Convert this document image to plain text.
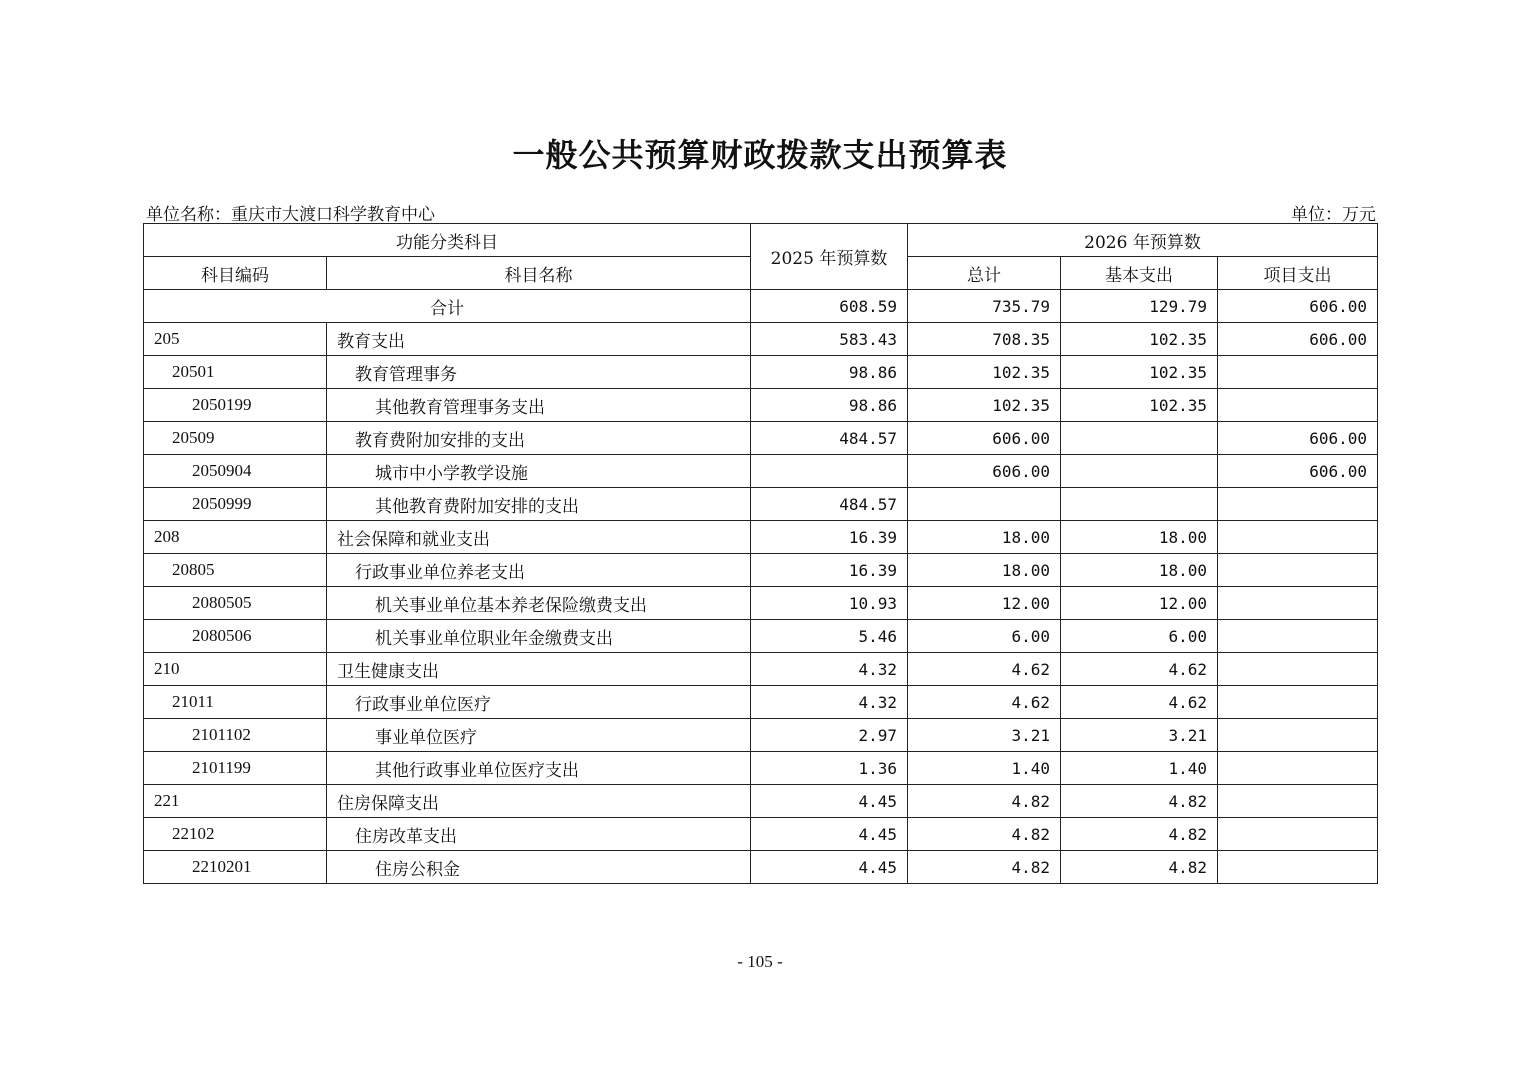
一般公共预算财政拨款支出预算表
单位名称：重庆市大渡口科学教育中心	单位：万元
功能分类科目		2025 年预算数	2026 年预算数		
科目编码	科目名称		总计	基本支出	项目支出
合计		608.59	735.79	129.79	606.00
205	教育支出	583.43	708.35	102.35	606.00
20501	教育管理事务	98.86	102.35	102.35	
2050199	其他教育管理事务支出	98.86	102.35	102.35	
20509	教育费附加安排的支出	484.57	606.00		606.00
2050904	城市中小学教学设施		606.00		606.00
2050999	其他教育费附加安排的支出	484.57			
208	社会保障和就业支出	16.39	18.00	18.00	
20805	行政事业单位养老支出	16.39	18.00	18.00	
2080505	机关事业单位基本养老保险缴费支出	10.93	12.00	12.00	
2080506	机关事业单位职业年金缴费支出	5.46	6.00	6.00	
210	卫生健康支出	4.32	4.62	4.62	
21011	行政事业单位医疗	4.32	4.62	4.62	
2101102	事业单位医疗	2.97	3.21	3.21	
2101199	其他行政事业单位医疗支出	1.36	1.40	1.40	
221	住房保障支出	4.45	4.82	4.82	
22102	住房改革支出	4.45	4.82	4.82	
2210201	住房公积金	4.45	4.82	4.82	
- 105 -
